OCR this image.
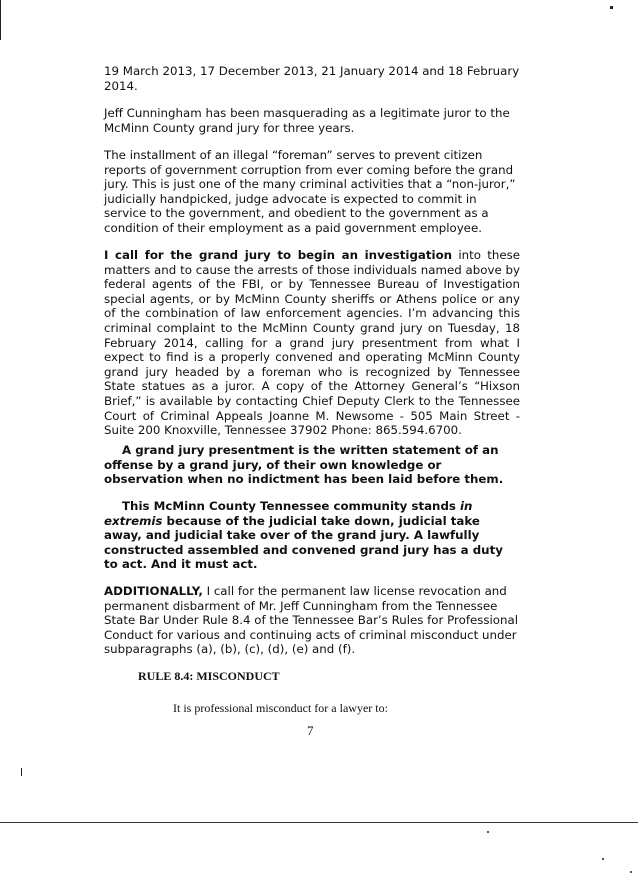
19 March 2013, 17 December 2013, 21 January 2014 and 18 February 2014.

Jeff Cunningham has been masquerading as a legitimate juror to the McMinn County grand jury for three years.

The installment of an illegal “foreman” serves to prevent citizen reports of government corruption from ever coming before the grand jury. This is just one of the many criminal activities that a “non-juror,” judicially handpicked, judge advocate is expected to commit in service to the government, and obedient to the government as a condition of their employment as a paid government employee.

I call for the grand jury to begin an investigation into these matters and to cause the arrests of those individuals named above by federal agents of the FBI, or by Tennessee Bureau of Investigation special agents, or by McMinn County sheriffs or Athens police or any of the combination of law enforcement agencies. I’m advancing this criminal complaint to the McMinn County grand jury on Tuesday, 18 February 2014, calling for a grand jury presentment from what I expect to find is a properly convened and operating McMinn County grand jury headed by a foreman who is recognized by Tennessee State statues as a juror. A copy of the Attorney General’s “Hixson Brief,” is available by contacting Chief Deputy Clerk to the Tennessee Court of Criminal Appeals Joanne M. Newsome - 505 Main Street - Suite 200 Knoxville, Tennessee 37902 Phone: 865.594.6700.

A grand jury presentment is the written statement of an offense by a grand jury, of their own knowledge or observation when no indictment has been laid before them.

This McMinn County Tennessee community stands in extremis because of the judicial take down, judicial take away, and judicial take over of the grand jury. A lawfully constructed assembled and convened grand jury has a duty to act. And it must act.

ADDITIONALLY, I call for the permanent law license revocation and permanent disbarment of Mr. Jeff Cunningham from the Tennessee State Bar Under Rule 8.4 of the Tennessee Bar’s Rules for Professional Conduct for various and continuing acts of criminal misconduct under subparagraphs (a), (b), (c), (d), (e) and (f).

RULE 8.4: MISCONDUCT

It is professional misconduct for a lawyer to:

7
